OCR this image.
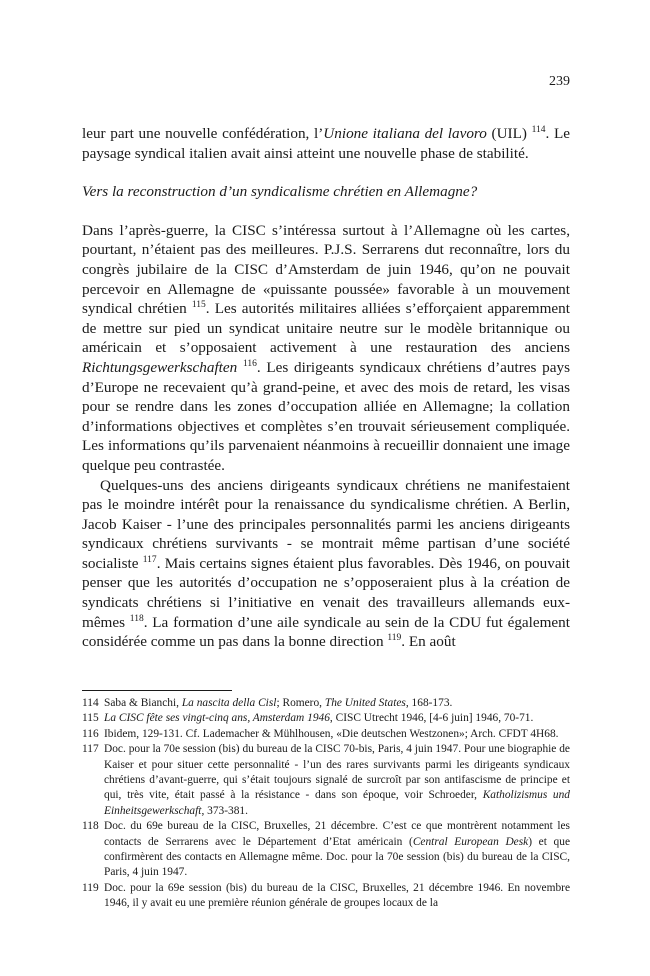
239

leur part une nouvelle confédération, l’Unione italiana del lavoro (UIL) $^{114}$. Le paysage syndical italien avait ainsi atteint une nouvelle phase de stabilité.

Vers la reconstruction d’un syndicalisme chrétien en Allemagne?

Dans l’après-guerre, la CISC s’intéressa surtout à l’Allemagne où les cartes, pourtant, n’étaient pas des meilleures. P.J.S. Serrarens dut reconnaître, lors du congrès jubilaire de la CISC d’Amsterdam de juin 1946, qu’on ne pouvait percevoir en Allemagne de «puissante poussée» favorable à un mouvement syndical chrétien $^{115}$. Les autorités militaires alliées s’efforçaient apparemment de mettre sur pied un syndicat unitaire neutre sur le modèle britannique ou américain et s’opposaient activement à une restauration des anciens Richtungsgewerkschaften $^{116}$. Les dirigeants syndicaux chrétiens d’autres pays d’Europe ne recevaient qu’à grand-peine, et avec des mois de retard, les visas pour se rendre dans les zones d’occupation alliée en Allemagne; la collation d’informations objectives et complètes s’en trouvait sérieusement compliquée. Les informations qu’ils parvenaient néanmoins à recueillir donnaient une image quelque peu contrastée.

Quelques-uns des anciens dirigeants syndicaux chrétiens ne manifestaient pas le moindre intérêt pour la renaissance du syndicalisme chrétien. A Berlin, Jacob Kaiser - l’une des principales personnalités parmi les anciens dirigeants syndicaux chrétiens survivants - se montrait même partisan d’une société socialiste $^{117}$. Mais certains signes étaient plus favorables. Dès 1946, on pouvait penser que les autorités d’occupation ne s’opposeraient plus à la création de syndicats chrétiens si l’initiative en venait des travailleurs allemands eux-mêmes $^{118}$. La formation d’une aile syndicale au sein de la CDU fut également considérée comme un pas dans la bonne direction $^{119}$. En août

114 Saba & Bianchi, La nascita della Cisl; Romero, The United States, 168-173.

115 La CISC fête ses vingt-cinq ans, Amsterdam 1946, CISC Utrecht 1946, [4-6 juin] 1946, 70-71.

116 Ibidem, 129-131. Cf. Lademacher & Mühlhousen, «Die deutschen Westzonen»; Arch. CFDT 4H68.

117 Doc. pour la 70e session (bis) du bureau de la CISC 70-bis, Paris, 4 juin 1947. Pour une biographie de Kaiser et pour situer cette personnalité - l’un des rares survivants parmi les dirigeants syndicaux chrétiens d’avant-guerre, qui s’était toujours signalé de surcroît par son antifascisme de principe et qui, très vite, était passé à la résistance - dans son époque, voir Schroeder, Katholizismus und Einheitsgewerkschaft, 373-381.

118 Doc. du 69e bureau de la CISC, Bruxelles, 21 décembre. C’est ce que montrèrent notamment les contacts de Serrarens avec le Département d’Etat américain (Central European Desk) et que confirmèrent des contacts en Allemagne même. Doc. pour la 70e session (bis) du bureau de la CISC, Paris, 4 juin 1947.

119 Doc. pour la 69e session (bis) du bureau de la CISC, Bruxelles, 21 décembre 1946. En novembre 1946, il y avait eu une première réunion générale de groupes locaux de la
